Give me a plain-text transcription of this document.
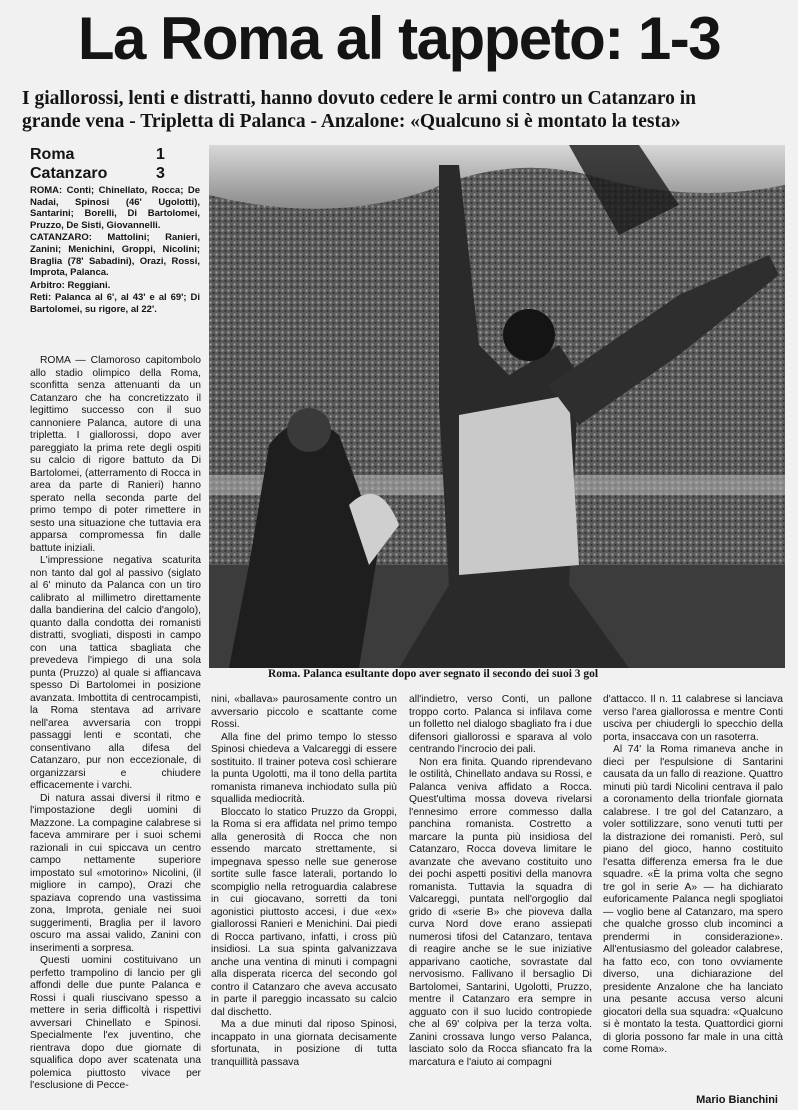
La Roma al tappeto: 1-3
I giallorossi, lenti e distratti, hanno dovuto cedere le armi contro un Catanzaro in
grande vena - Tripletta di Palanca - Anzalone: «Qualcuno si è montato la testa»
Roma	1
Catanzaro	3

ROMA: Conti; Chinellato, Rocca; De Nadai, Spinosi (46' Ugolotti), Santarini; Borelli, Di Bartolomei, Pruzzo, De Sisti, Giovannelli.

CATANZARO: Mattolini; Ranieri, Zanini; Menichini, Groppi, Nicolini; Braglia (78' Sabadini), Orazi, Rossi, Improta, Palanca.

Arbitro: Reggiani.

Reti: Palanca al 6', al 43' e al 69'; Di Bartolomei, su rigore, al 22'.

Roma. Palanca esultante dopo aver segnato il secondo dei suoi 3 gol

ROMA — Clamoroso capitombolo allo stadio olimpico della Roma, sconfitta senza attenuanti da un Catanzaro che ha concretizzato il legittimo successo con il suo cannoniere Palanca, autore di una tripletta. I giallorossi, dopo aver pareggiato la prima rete degli ospiti su calcio di rigore battuto da Di Bartolomei, (atterramento di Rocca in area da parte di Ranieri) hanno sperato nella seconda parte del primo tempo di poter rimettere in sesto una situazione che tuttavia era apparsa compromessa fin dalle battute iniziali.

L'impressione negativa scaturita non tanto dal gol al passivo (siglato al 6' minuto da Palanca con un tiro calibrato al millimetro direttamente dalla bandierina del calcio d'angolo), quanto dalla condotta dei romanisti distratti, svogliati, disposti in campo con una tattica sbagliata che prevedeva l'impiego di una sola punta (Pruzzo) al quale si affiancava spesso Di Bartolomei in posizione avanzata. Imbottita di centrocampisti, la Roma stentava ad arrivare nell'area avversaria con troppi passaggi lenti e scontati, che consentivano alla difesa del Catanzaro, pur non eccezionale, di organizzarsi e chiudere efficacemente i varchi.

Di natura assai diversi il ritmo e l'impostazione degli uomini di Mazzone. La compagine calabrese si faceva ammirare per i suoi schemi razionali in cui spiccava un centro campo nettamente superiore impostato sul «motorino» Nicolini, (il migliore in campo), Orazi che spaziava coprendo una vastissima zona, Improta, geniale nei suoi suggerimenti, Braglia per il lavoro oscuro ma assai valido, Zanini con inserimenti a sorpresa.

Questi uomini costituivano un perfetto trampolino di lancio per gli affondi delle due punte Palanca e Rossi i quali riuscivano spesso a mettere in seria difficoltà i rispettivi avversari Chinellato e Spinosi. Specialmente l'ex juventino, che rientrava dopo due giornate di squalifica dopo aver scatenata una polemica piuttosto vivace per l'esclusione di Pecce-

nini, «ballava» paurosamente contro un avversario piccolo e scattante come Rossi.

Alla fine del primo tempo lo stesso Spinosi chiedeva a Valcareggi di essere sostituito. Il trainer poteva così schierare la punta Ugolotti, ma il tono della partita romanista rimaneva inchiodato sulla più squallida mediocrità.

Bloccato lo statico Pruzzo da Groppi, la Roma si era affidata nel primo tempo alla generosità di Rocca che non essendo marcato strettamente, si impegnava spesso nelle sue generose sortite sulle fasce laterali, portando lo scompiglio nella retroguardia calabrese in cui giocavano, sorretti da toni agonistici piuttosto accesi, i due «ex» giallorossi Ranieri e Menichini. Dai piedi di Rocca partivano, infatti, i cross più insidiosi. La sua spinta galvanizzava anche una ventina di minuti i compagni alla disperata ricerca del secondo gol contro il Catanzaro che aveva accusato in parte il pareggio incassato su calcio dal dischetto.

Ma a due minuti dal riposo Spinosi, incappato in una giornata decisamente sfortunata, in posizione di tutta tranquillità passava

all'indietro, verso Conti, un pallone troppo corto. Palanca si infilava come un folletto nel dialogo sbagliato fra i due difensori giallorossi e sparava al volo centrando l'incrocio dei pali.

Non era finita. Quando riprendevano le ostilità, Chinellato andava su Rossi, e Palanca veniva affidato a Rocca. Quest'ultima mossa doveva rivelarsi l'ennesimo errore commesso dalla panchina romanista. Costretto a marcare la punta più insidiosa del Catanzaro, Rocca doveva limitare le avanzate che avevano costituito uno dei pochi aspetti positivi della manovra romanista. Tuttavia la squadra di Valcareggi, puntata nell'orgoglio dal grido di «serie B» che pioveva dalla curva Nord dove erano assiepati numerosi tifosi del Catanzaro, tentava di reagire anche se le sue iniziative apparivano caotiche, sovrastate dal nervosismo. Fallivano il bersaglio Di Bartolomei, Santarini, Ugolotti, Pruzzo, mentre il Catanzaro era sempre in agguato con il suo lucido contropiede che al 69' colpiva per la terza volta. Zanini crossava lungo verso Palanca, lasciato solo da Rocca sfiancato fra la marcatura e l'aiuto ai compagni

d'attacco. Il n. 11 calabrese si lanciava verso l'area giallorossa e mentre Conti usciva per chiudergli lo specchio della porta, insaccava con un rasoterra.

Al 74' la Roma rimaneva anche in dieci per l'espulsione di Santarini causata da un fallo di reazione. Quattro minuti più tardi Nicolini centrava il palo a coronamento della trionfale giornata calabrese. I tre gol del Catanzaro, a voler sottilizzare, sono venuti tutti per la distrazione dei romanisti. Però, sul piano del gioco, hanno costituito l'esatta differenza emersa fra le due squadre. «È la prima volta che segno tre gol in serie A» — ha dichiarato euforicamente Palanca negli spogliatoi — voglio bene al Catanzaro, ma spero che qualche grosso club incominci a prendermi in considerazione». All'entusiasmo del goleador calabrese, ha fatto eco, con tono ovviamente diverso, una dichiarazione del presidente Anzalone che ha lanciato una pesante accusa verso alcuni giocatori della sua squadra: «Qualcuno si è montato la testa. Quattordici giorni di gloria possono far male in una città come Roma».

Mario Bianchini
